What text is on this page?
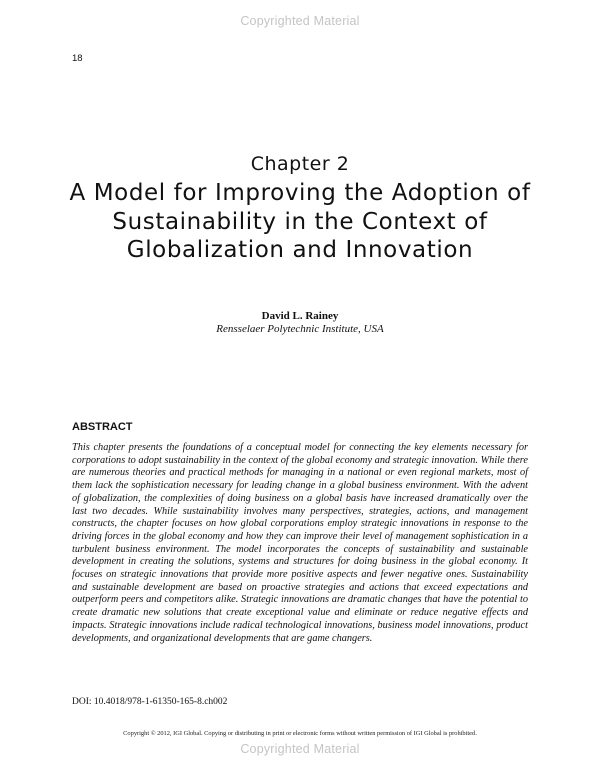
Copyrighted Material
18
Chapter 2
A Model for Improving the Adoption of Sustainability in the Context of Globalization and Innovation
David L. Rainey
Rensselaer Polytechnic Institute, USA
ABSTRACT

This chapter presents the foundations of a conceptual model for connecting the key elements necessary for corporations to adopt sustainability in the context of the global economy and strategic innovation. While there are numerous theories and practical methods for managing in a national or even regional markets, most of them lack the sophistication necessary for leading change in a global business environment. With the advent of globalization, the complexities of doing business on a global basis have increased dramatically over the last two decades. While sustainability involves many perspectives, strategies, actions, and management constructs, the chapter focuses on how global corporations employ strategic innovations in response to the driving forces in the global economy and how they can improve their level of management sophistication in a turbulent business environment. The model incorporates the concepts of sustainability and sustainable development in creating the solutions, systems and structures for doing business in the global economy. It focuses on strategic innovations that provide more positive aspects and fewer negative ones. Sustainability and sustainable development are based on proactive strategies and actions that exceed expectations and outperform peers and competitors alike. Strategic innovations are dramatic changes that have the potential to create dramatic new solutions that create exceptional value and eliminate or reduce negative effects and impacts. Strategic innovations include radical technological innovations, business model innovations, product developments, and organizational developments that are game changers.

DOI: 10.4018/978-1-61350-165-8.ch002
Copyright © 2012, IGI Global. Copying or distributing in print or electronic forms without written permission of IGI Global is prohibited.
Copyrighted Material
